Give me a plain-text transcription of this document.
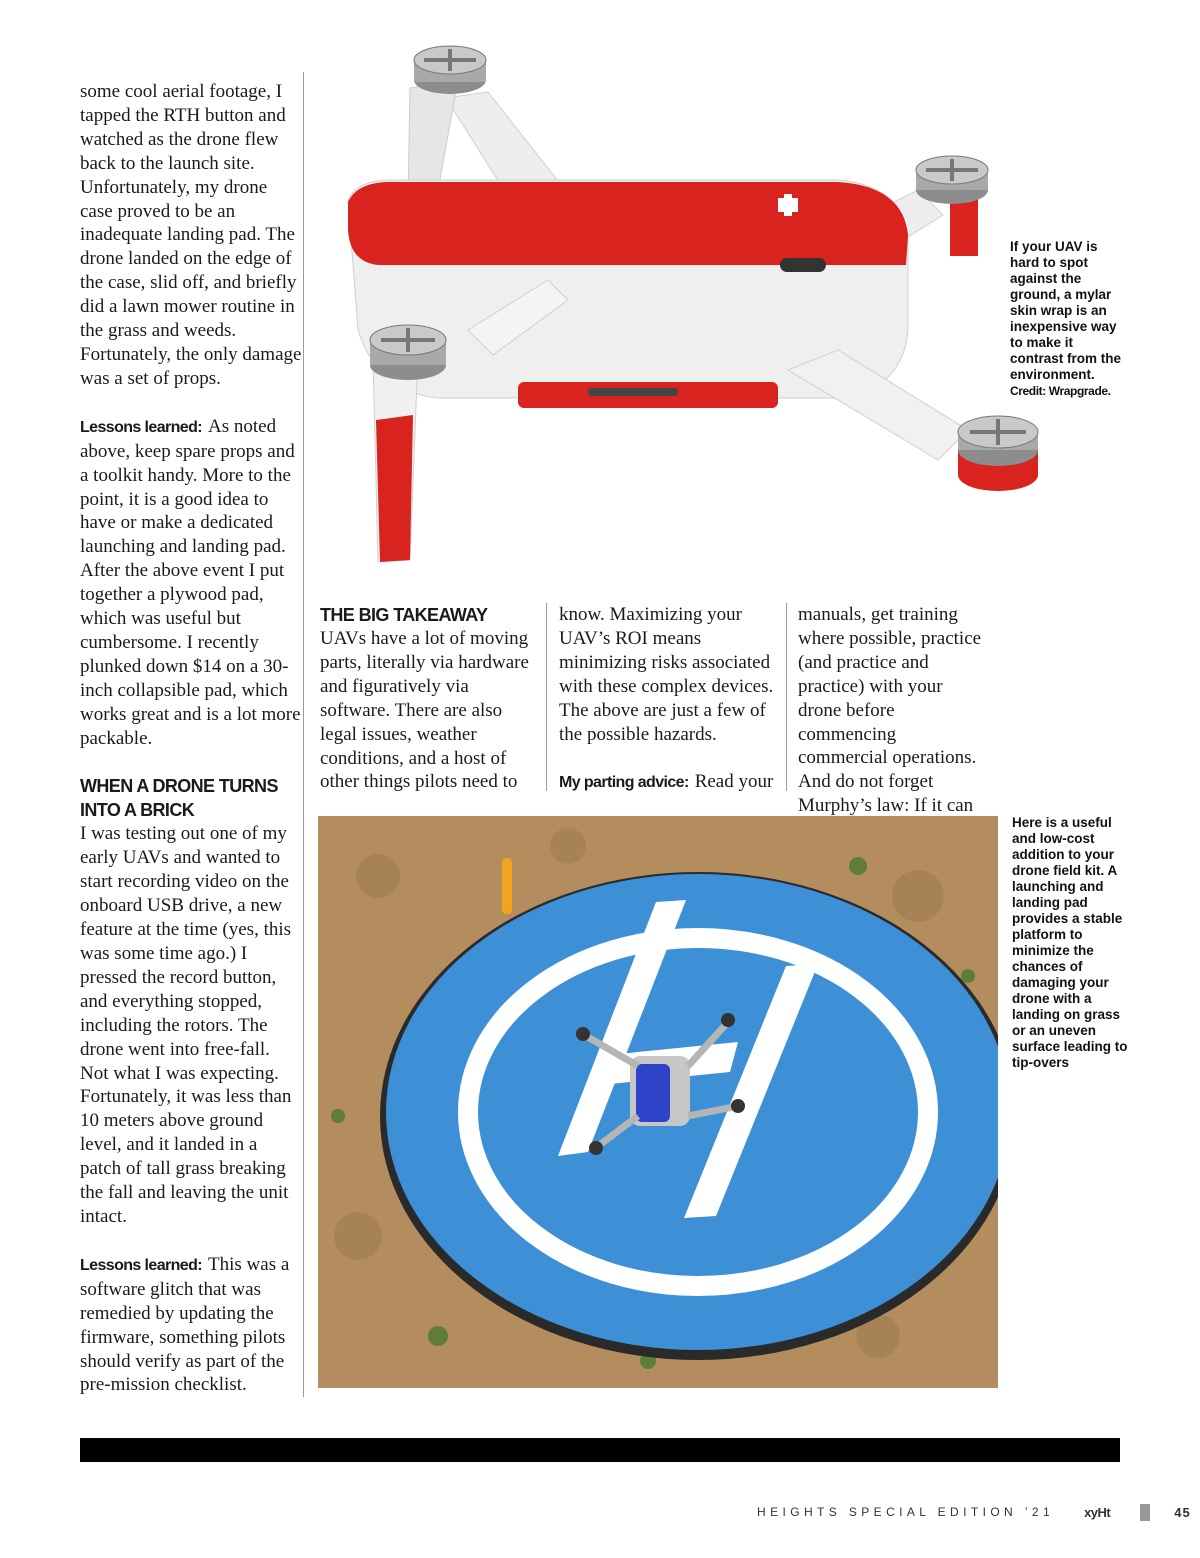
some cool aerial footage, I tapped the RTH button and watched as the drone flew back to the launch site. Unfortunately, my drone case proved to be an inadequate landing pad. The drone landed on the edge of the case, slid off, and briefly did a lawn mower routine in the grass and weeds. Fortunately, the only damage was a set of props.

Lessons learned: As noted above, keep spare props and a toolkit handy. More to the point, it is a good idea to have or make a dedicated launching and landing pad. After the above event I put together a plywood pad, which was useful but cumbersome. I recently plunked down $14 on a 30-inch collapsible pad, which works great and is a lot more packable.

WHEN A DRONE TURNS INTO A BRICK

I was testing out one of my early UAVs and wanted to start recording video on the onboard USB drive, a new feature at the time (yes, this was some time ago.) I pressed the record button, and everything stopped, including the rotors. The drone went into free-fall. Not what I was expecting. Fortunately, it was less than 10 meters above ground level, and it landed in a patch of tall grass breaking the fall and leaving the unit intact.

Lessons learned: This was a software glitch that was remedied by updating the firmware, something pilots should verify as part of the pre-mission checklist.

If your UAV is hard to spot against the ground, a mylar skin wrap is an inexpensive way to make it contrast from the environment.
Credit: Wrapgrade.
THE BIG TAKEAWAY

UAVs have a lot of moving parts, literally via hardware and figuratively via software. There are also legal issues, weather conditions, and a host of other things pilots need to

know. Maximizing your UAV’s ROI means minimizing risks associated with these complex devices. The above are just a few of the possible hazards.

My parting advice: Read your

manuals, get training where possible, practice (and practice and practice) with your drone before commencing commercial operations. And do not forget Murphy’s law: If it can

Here is a useful and low-cost addition to your drone field kit. A launching and landing pad provides a stable platform to minimize the chances of damaging your drone with a landing on grass or an uneven surface leading to tip-overs
HEIGHTS SPECIAL EDITION ’21 xyHt	45
